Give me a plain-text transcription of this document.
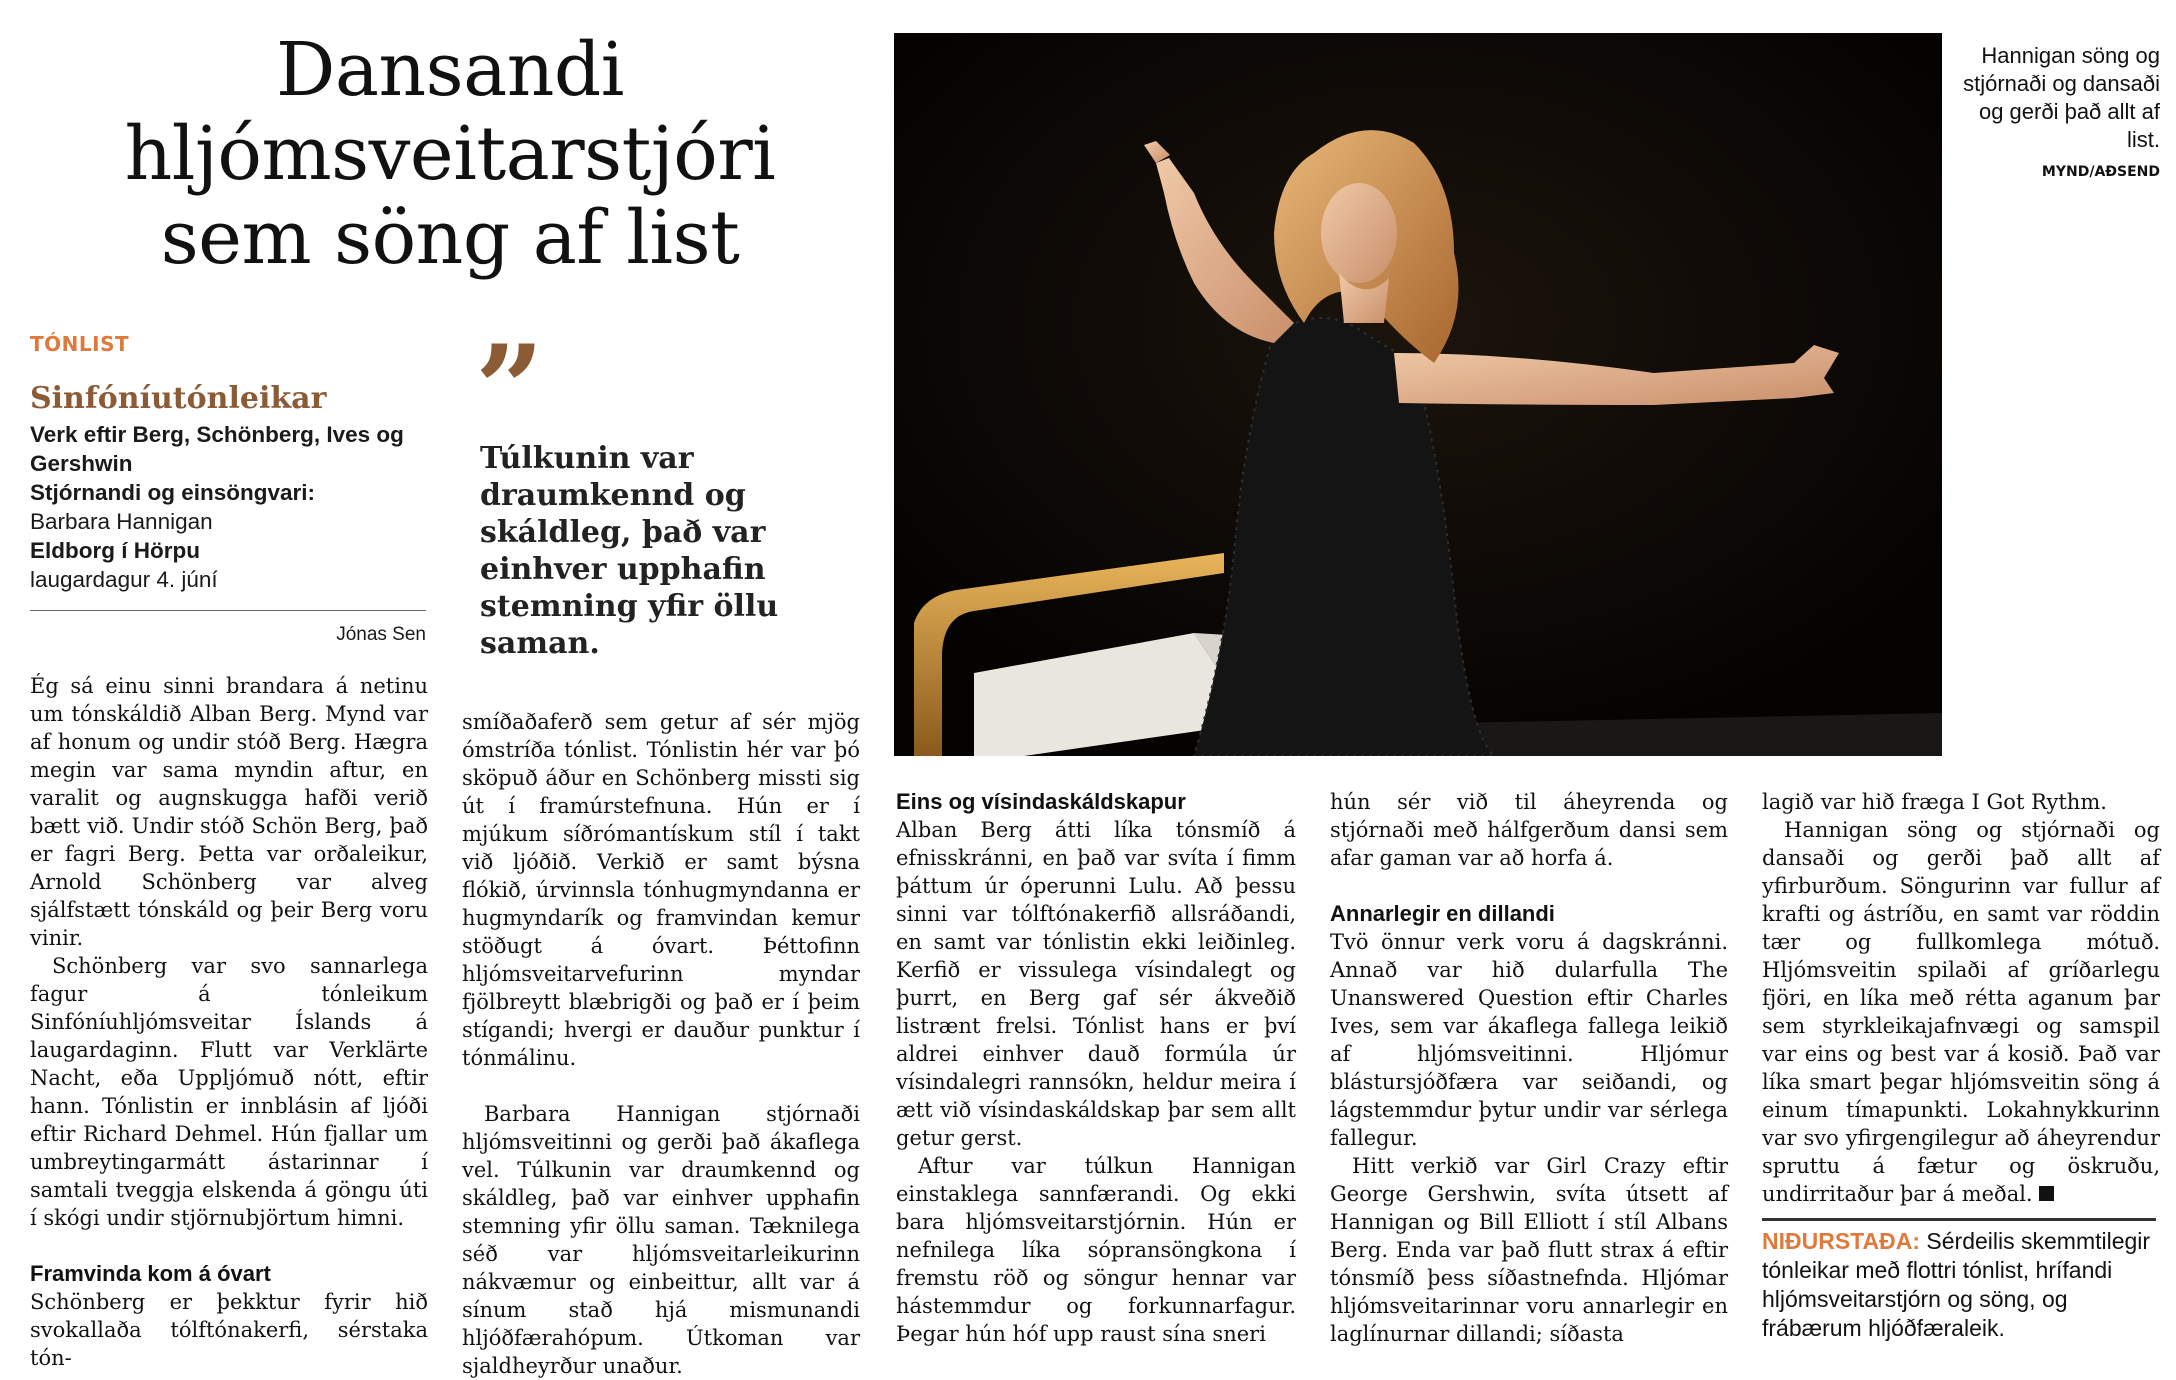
Dansandi
hljómsveitarstjóri
sem söng af list
TÓNLIST
Sinfóníutónleikar
Verk eftir Berg, Schönberg, Ives og Gershwin
Stjórnandi og einsöngvari:
Barbara Hannigan
Eldborg í Hörpu
laugardagur 4. júní
Jónas Sen
”
Túlkunin var draumkennd og skáldleg, það var einhver upphafin stemning yfir öllu saman.
Hannigan söng og stjórnaði og dansaði og gerði það allt af list.
MYND/AÐSEND

Ég sá einu sinni brandara á netinu um tónskáldið Alban Berg. Mynd var af honum og undir stóð Berg. Hægra megin var sama myndin aftur, en varalit og augnskugga hafði verið bætt við. Undir stóð Schön Berg, það er fagri Berg. Þetta var orðaleikur, Arnold Schönberg var alveg sjálfstætt tónskáld og þeir Berg voru vinir.

Schönberg var svo sannarlega fagur á tónleikum Sinfóníuhljómsveitar Íslands á laugardaginn. Flutt var Verklärte Nacht, eða Uppljómuð nótt, eftir hann. Tónlistin er innblásin af ljóði eftir Richard Dehmel. Hún fjallar um umbreytingarmátt ástarinnar í samtali tveggja elskenda á göngu úti í skógi undir stjörnubjörtum himni.

Framvinda kom á óvart

Schönberg er þekktur fyrir hið svokallaða tólftónakerfi, sérstaka tón-

smíðaðaferð sem getur af sér mjög ómstríða tónlist. Tónlistin hér var þó sköpuð áður en Schönberg missti sig út í framúrstefnuna. Hún er í mjúkum síðrómantískum stíl í takt við ljóðið. Verkið er samt býsna flókið, úrvinnsla tónhugmyndanna er hugmyndarík og framvindan kemur stöðugt á óvart. Þéttofinn hljómsveitarvefurinn myndar fjölbreytt blæbrigði og það er í þeim stígandi; hvergi er dauður punktur í tónmálinu.

Barbara Hannigan stjórnaði hljómsveitinni og gerði það ákaflega vel. Túlkunin var draumkennd og skáldleg, það var einhver upphafin stemning yfir öllu saman. Tæknilega séð var hljómsveitarleikurinn nákvæmur og einbeittur, allt var á sínum stað hjá mismunandi hljóðfærahópum. Útkoman var sjaldheyrður unaður.

Eins og vísindaskáldskapur

Alban Berg átti líka tónsmíð á efnisskránni, en það var svíta í fimm þáttum úr óperunni Lulu. Að þessu sinni var tólftónakerfið allsráðandi, en samt var tónlistin ekki leiðinleg. Kerfið er vissulega vísindalegt og þurrt, en Berg gaf sér ákveðið listrænt frelsi. Tónlist hans er því aldrei einhver dauð formúla úr vísindalegri rannsókn, heldur meira í ætt við vísindaskáldskap þar sem allt getur gerst.

Aftur var túlkun Hannigan einstaklega sannfærandi. Og ekki bara hljómsveitarstjórnin. Hún er nefnilega líka sópransöngkona í fremstu röð og söngur hennar var hástemmdur og forkunnarfagur. Þegar hún hóf upp raust sína sneri

hún sér við til áheyrenda og stjórnaði með hálfgerðum dansi sem afar gaman var að horfa á.

Annarlegir en dillandi

Tvö önnur verk voru á dagskránni. Annað var hið dularfulla The Unanswered Question eftir Charles Ives, sem var ákaflega fallega leikið af hljómsveitinni. Hljómur blástursjóðfæra var seiðandi, og lágstemmdur þytur undir var sérlega fallegur.

Hitt verkið var Girl Crazy eftir George Gershwin, svíta útsett af Hannigan og Bill Elliott í stíl Albans Berg. Enda var það flutt strax á eftir tónsmíð þess síðastnefnda. Hljómar hljómsveitarinnar voru annarlegir en laglínurnar dillandi; síðasta

lagið var hið fræga I Got Rythm.

Hannigan söng og stjórnaði og dansaði og gerði það allt af yfirburðum. Söngurinn var fullur af krafti og ástríðu, en samt var röddin tær og fullkomlega mótuð. Hljómsveitin spilaði af gríðarlegu fjöri, en líka með rétta aganum þar sem styrkleikajafnvægi og samspil var eins og best var á kosið. Það var líka smart þegar hljómsveitin söng á einum tímapunkti. Lokahnykkurinn var svo yfirgengilegur að áheyrendur spruttu á fætur og öskruðu, undirritaður þar á meðal.

NIÐURSTAÐA: Sérdeilis skemmtilegir tónleikar með flottri tónlist, hrífandi hljómsveitarstjórn og söng, og frábærum hljóðfæraleik.
